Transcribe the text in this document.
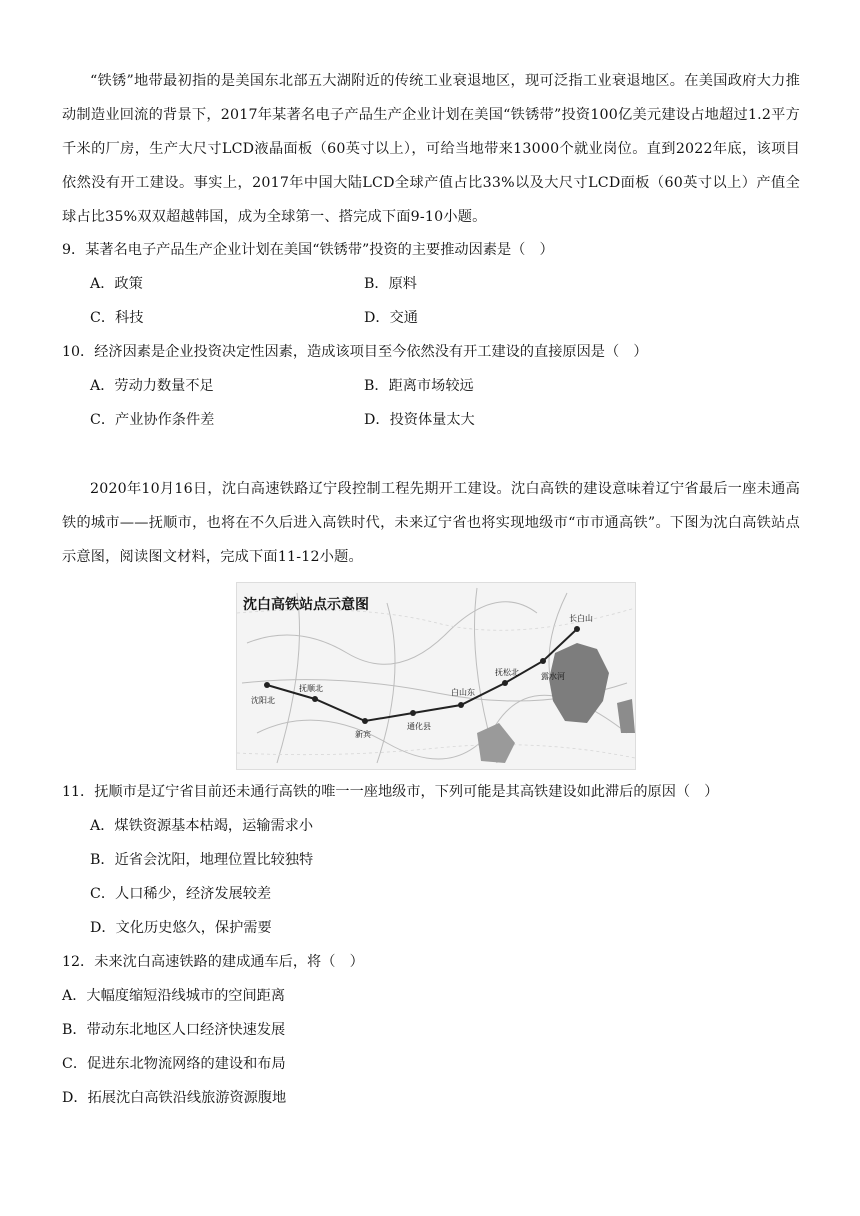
“铁锈”地带最初指的是美国东北部五大湖附近的传统工业衰退地区，现可泛指工业衰退地区。在美国政府大力推动制造业回流的背景下，2017年某著名电子产品生产企业计划在美国“铁锈带”投资100亿美元建设占地超过1.2平方千米的厂房，生产大尺寸LCD液晶面板（60英寸以上），可给当地带来13000个就业岗位。直到2022年底，该项目依然没有开工建设。事实上，2017年中国大陆LCD全球产值占比33%以及大尺寸LCD面板（60英寸以上）产值全球占比35%双双超越韩国，成为全球第一、搭完成下面9-10小题。
9．某著名电子产品生产企业计划在美国“铁锈带”投资的主要推动因素是（　）
A．政策	B．原料
C．科技	D．交通
10．经济因素是企业投资决定性因素，造成该项目至今依然没有开工建设的直接原因是（　）
A．劳动力数量不足	B．距离市场较远
C．产业协作条件差	D．投资体量太大
2020年10月16日，沈白高速铁路辽宁段控制工程先期开工建设。沈白高铁的建设意味着辽宁省最后一座未通高铁的城市——抚顺市，也将在不久后进入高铁时代，未来辽宁省也将实现地级市“市市通高铁”。下图为沈白高铁站点示意图，阅读图文材料，完成下面11-12小题。
沈白高铁站点示意图
沈阳北
抚顺北
新宾
通化县
白山东
抚松北	露水河
长白山
11．抚顺市是辽宁省目前还未通行高铁的唯一一座地级市，下列可能是其高铁建设如此滞后的原因（　）
A．煤铁资源基本枯竭，运输需求小
B．近省会沈阳，地理位置比较独特
C．人口稀少，经济发展较差
D．文化历史悠久，保护需要
12．未来沈白高速铁路的建成通车后，将（　）
A．大幅度缩短沿线城市的空间距离
B．带动东北地区人口经济快速发展
C．促进东北物流网络的建设和布局
D．拓展沈白高铁沿线旅游资源腹地
